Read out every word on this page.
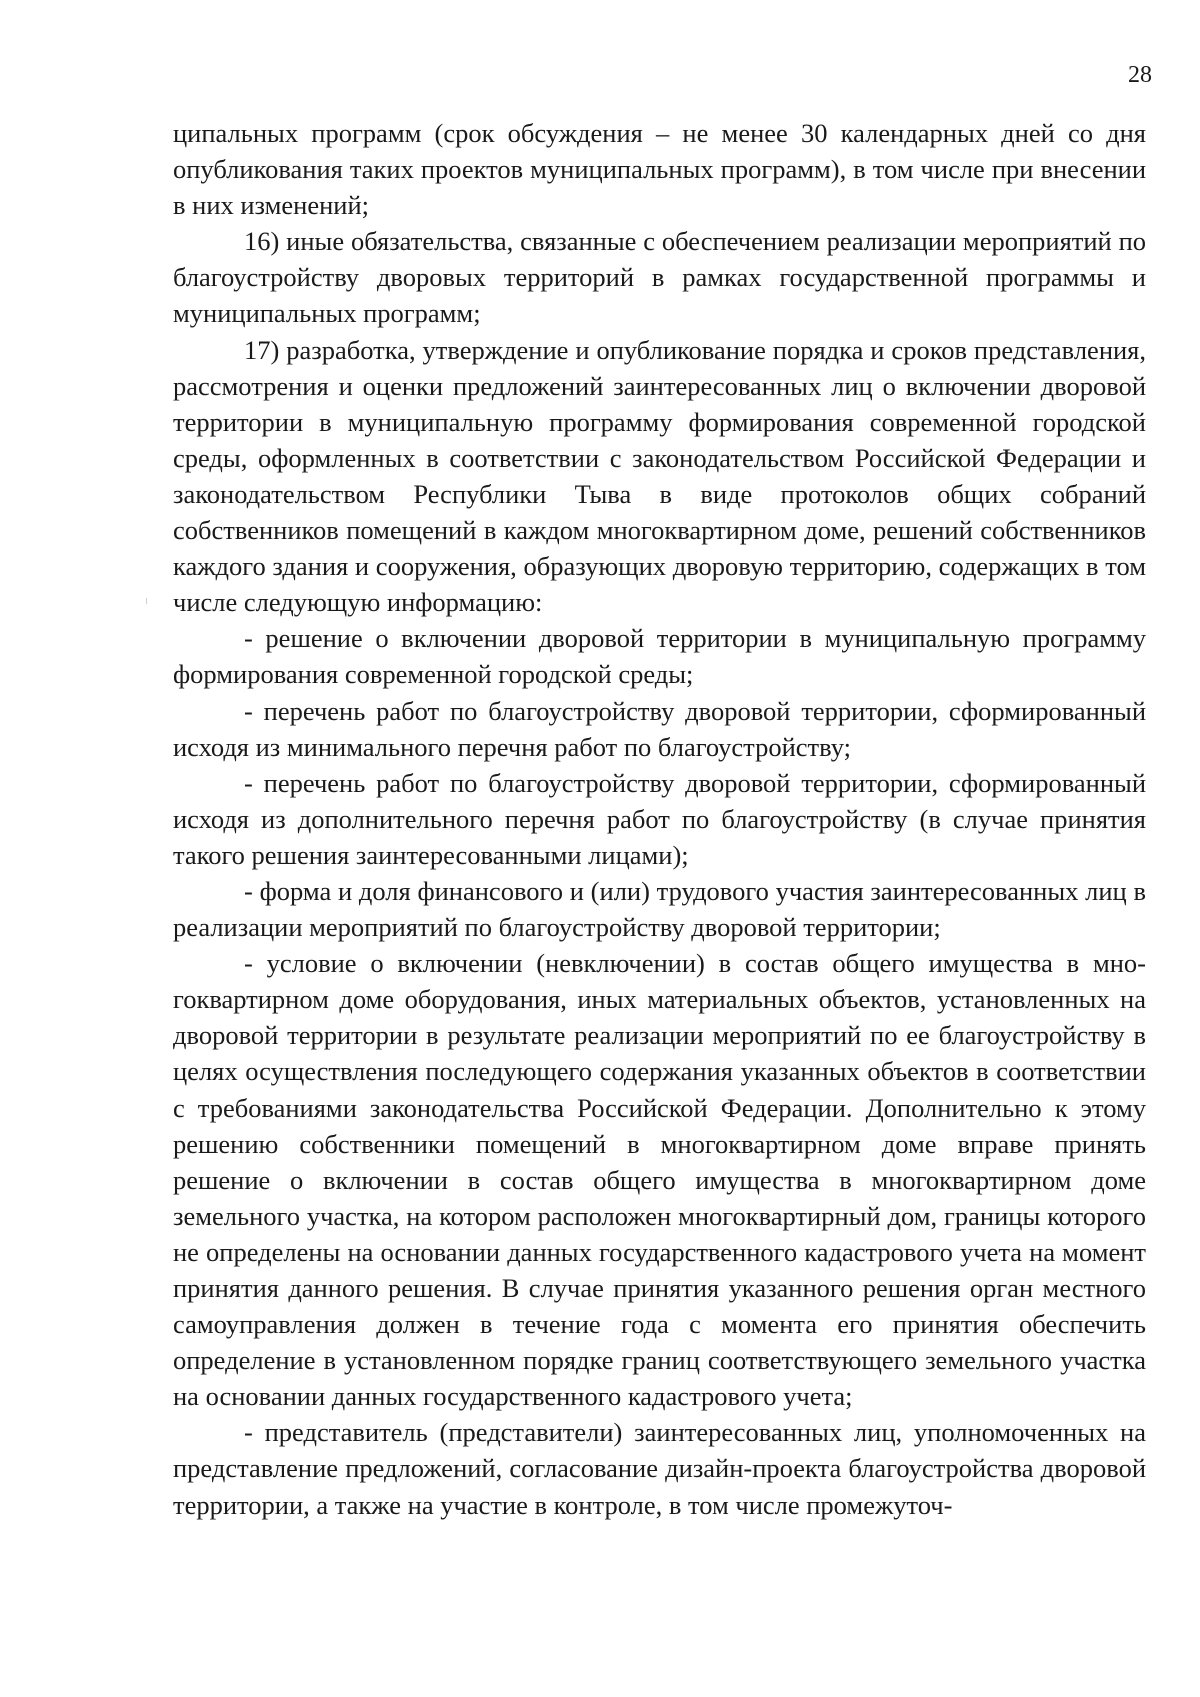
28

ципальных программ (срок обсуждения – не менее 30 календарных дней со дня опубликования таких проектов муниципальных программ), в том числе при внесении в них изменений;

16) иные обязательства, связанные с обеспечением реализации мероприятий по благоустройству дворовых территорий в рамках государственной программы и муниципальных программ;

17) разработка, утверждение и опубликование порядка и сроков представления, рассмотрения и оценки предложений заинтересованных лиц о включении дворовой территории в муниципальную программу формирования современной городской среды, оформленных в соответствии с законодательством Российской Федерации и законодательством Республики Тыва в виде протоколов общих собраний собственников помещений в каждом многоквартирном доме, решений собственников каждого здания и сооружения, образующих дворовую территорию, содержащих в том числе следующую информацию:

- решение о включении дворовой территории в муниципальную программу формирования современной городской среды;

- перечень работ по благоустройству дворовой территории, сформированный исходя из минимального перечня работ по благоустройству;

- перечень работ по благоустройству дворовой территории, сформированный исходя из дополнительного перечня работ по благоустройству (в случае принятия такого решения заинтересованными лицами);

- форма и доля финансового и (или) трудового участия заинтересованных лиц в реализации мероприятий по благоустройству дворовой территории;

- условие о включении (невключении) в состав общего имущества в многоквартирном доме оборудования, иных материальных объектов, установленных на дворовой территории в результате реализации мероприятий по ее благоустройству в целях осуществления последующего содержания указанных объектов в соответствии с требованиями законодательства Российской Федерации. Дополнительно к этому решению собственники помещений в многоквартирном доме вправе принять решение о включении в состав общего имущества в многоквартирном доме земельного участка, на котором расположен многоквартирный дом, границы которого не определены на основании данных государственного кадастрового учета на момент принятия данного решения. В случае принятия указанного решения орган местного самоуправления должен в течение года с момента его принятия обеспечить определение в установленном порядке границ соответствующего земельного участка на основании данных государственного кадастрового учета;

- представитель (представители) заинтересованных лиц, уполномоченных на представление предложений, согласование дизайн-проекта благоустройства дворовой территории, а также на участие в контроле, в том числе промежуточ-
